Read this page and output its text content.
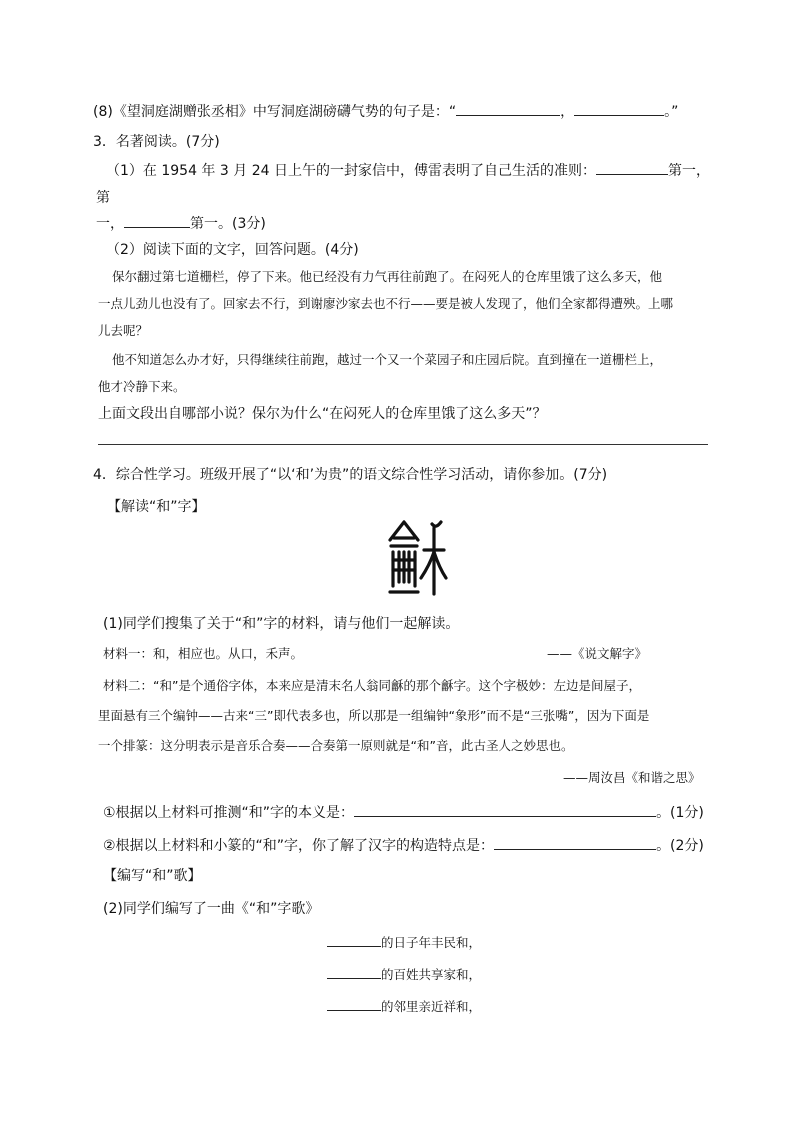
(8)《望洞庭湖赠张丞相》中写洞庭湖磅礴气势的句子是：“	，	。”
3．名著阅读。(7分)
（1）在 1954 年 3 月 24 日上午的一封家信中，傅雷表明了自己生活的准则：	第一，
第
一，	第一。(3分)
（2）阅读下面的文字，回答问题。(4分)
保尔翻过第七道栅栏，停了下来。他已经没有力气再往前跑了。在闷死人的仓库里饿了这么多天，他
一点儿劲儿也没有了。回家去不行，到谢廖沙家去也不行——要是被人发现了，他们全家都得遭殃。上哪
儿去呢？
他不知道怎么办才好，只得继续往前跑，越过一个又一个菜园子和庄园后院。直到撞在一道栅栏上，
他才冷静下来。
上面文段出自哪部小说？保尔为什么“在闷死人的仓库里饿了这么多天”？
4．综合性学习。班级开展了“以‘和’为贵”的语文综合性学习活动，请你参加。(7分)
【解读“和”字】
(1)同学们搜集了关于“和”字的材料，请与他们一起解读。
材料一：和，相应也。从口，禾声。	——《说文解字》
材料二：“和”是个通俗字体，本来应是清末名人翁同龢的那个龢字。这个字极妙：左边是间屋子，
里面悬有三个编钟——古来“三”即代表多也，所以那是一组编钟“象形”而不是“三张嘴”，因为下面是
一个排篆：这分明表示是音乐合奏——合奏第一原则就是“和”音，此古圣人之妙思也。
——周汝昌《和谐之思》
①根据以上材料可推测“和”字的本义是：	。(1分)
②根据以上材料和小篆的“和”字，你了解了汉字的构造特点是：	。(2分)
【编写“和”歌】
(2)同学们编写了一曲《“和”字歌》
的日子年丰民和，
的百姓共享家和，
的邻里亲近祥和，
